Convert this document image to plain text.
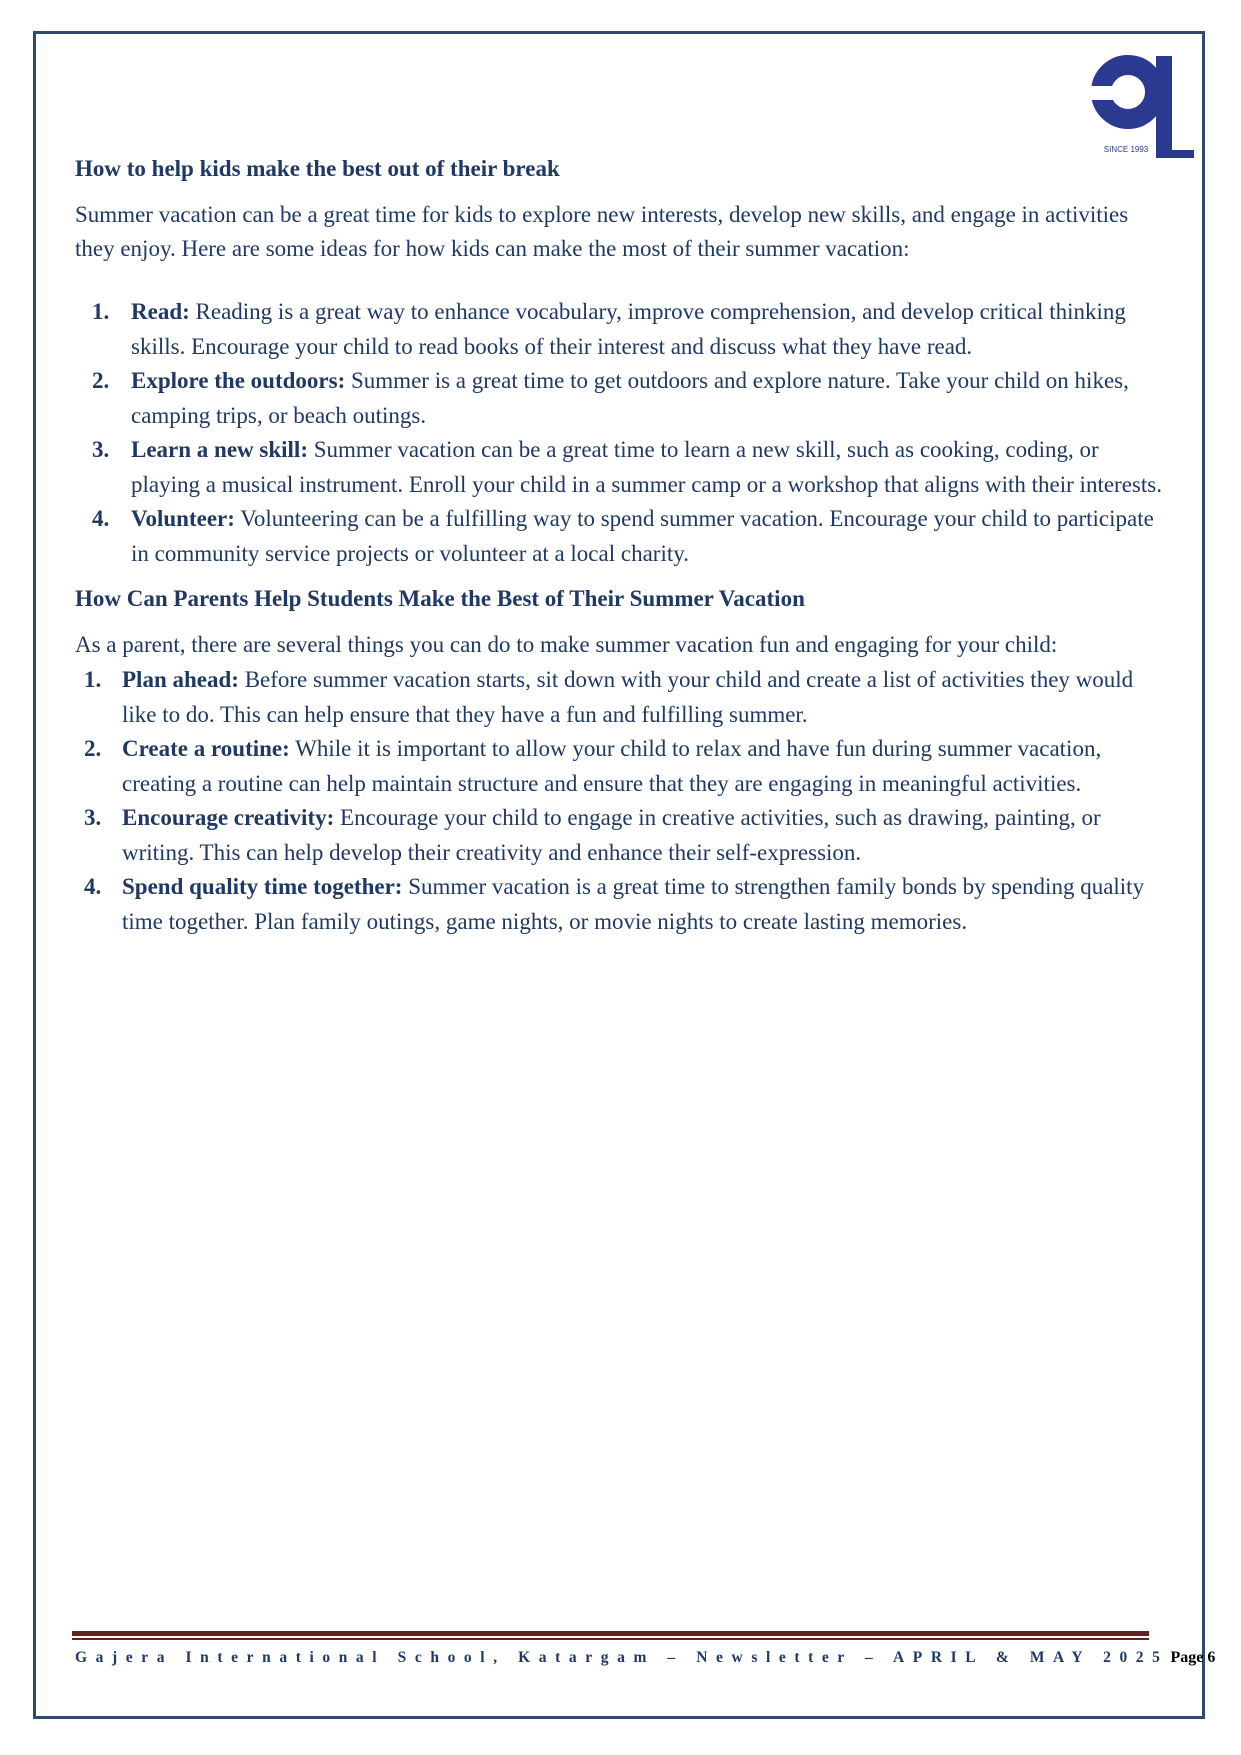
SINCE 1993
How to help kids make the best out of their break

Summer vacation can be a great time for kids to explore new interests, develop new skills, and engage in activities they enjoy. Here are some ideas for how kids can make the most of their summer vacation:

1. Read: Reading is a great way to enhance vocabulary, improve comprehension, and develop critical thinking skills. Encourage your child to read books of their interest and discuss what they have read.
2. Explore the outdoors: Summer is a great time to get outdoors and explore nature. Take your child on hikes, camping trips, or beach outings.
3. Learn a new skill: Summer vacation can be a great time to learn a new skill, such as cooking, coding, or playing a musical instrument. Enroll your child in a summer camp or a workshop that aligns with their interests.
4. Volunteer: Volunteering can be a fulfilling way to spend summer vacation. Encourage your child to participate in community service projects or volunteer at a local charity.
How Can Parents Help Students Make the Best of Their Summer Vacation

As a parent, there are several things you can do to make summer vacation fun and engaging for your child:

1. Plan ahead: Before summer vacation starts, sit down with your child and create a list of activities they would like to do. This can help ensure that they have a fun and fulfilling summer.
2. Create a routine: While it is important to allow your child to relax and have fun during summer vacation, creating a routine can help maintain structure and ensure that they are engaging in meaningful activities.
3. Encourage creativity: Encourage your child to engage in creative activities, such as drawing, painting, or writing. This can help develop their creativity and enhance their self-expression.
4. Spend quality time together: Summer vacation is a great time to strengthen family bonds by spending quality time together. Plan family outings, game nights, or movie nights to create lasting memories.
Gajera International School, Katargam – Newsletter – APRIL & MAY 2025 Page 6
